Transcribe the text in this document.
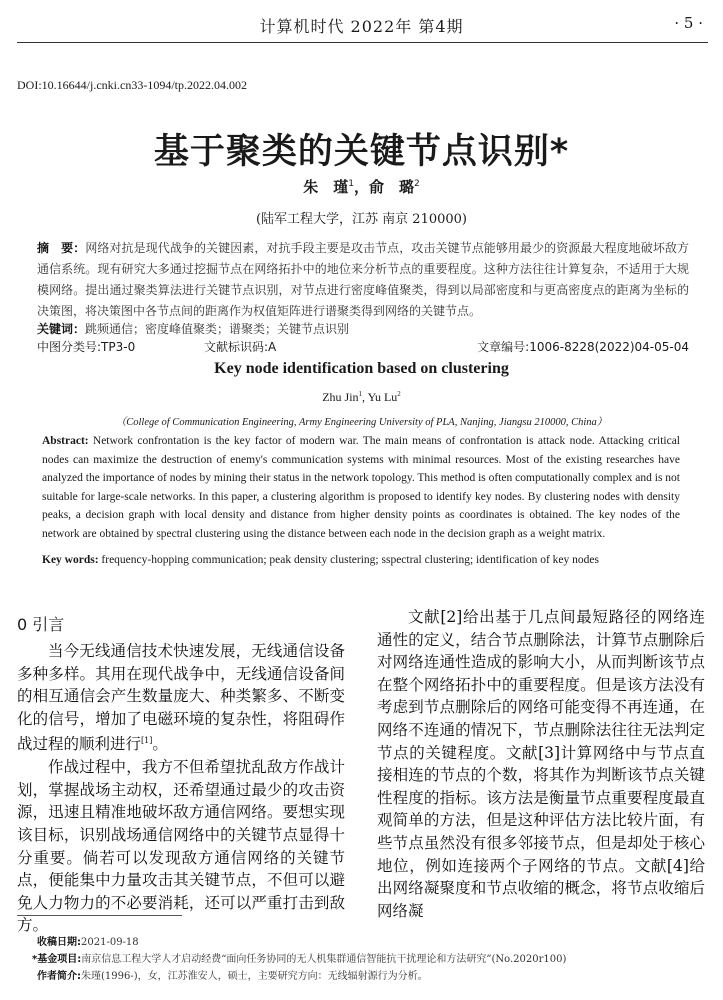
计算机时代 2022年 第4期	· 5 ·
DOI:10.16644/j.cnki.cn33-1094/tp.2022.04.002
基于聚类的关键节点识别*
朱　瑾$^1$，俞　璐$^2$
(陆军工程大学，江苏 南京 210000)
摘　要：网络对抗是现代战争的关键因素，对抗手段主要是攻击节点，攻击关键节点能够用最少的资源最大程度地破坏敌方通信系统。现有研究大多通过挖掘节点在网络拓扑中的地位来分析节点的重要程度。这种方法往往计算复杂，不适用于大规模网络。提出通过聚类算法进行关键节点识别，对节点进行密度峰值聚类，得到以局部密度和与更高密度点的距离为坐标的决策图，将决策图中各节点间的距离作为权值矩阵进行谱聚类得到网络的关键节点。
关键词：跳频通信；密度峰值聚类；谱聚类；关键节点识别
中图分类号:TP3-0	文献标识码:A	文章编号:1006-8228(2022)04-05-04
Key node identification based on clustering
Zhu Jin$^1$, Yu Lu$^2$
（College of Communication Engineering, Army Engineering University of PLA, Nanjing, Jiangsu 210000, China）
Abstract: Network confrontation is the key factor of modern war. The main means of confrontation is attack node. Attacking critical nodes can maximize the destruction of enemy's communication systems with minimal resources. Most of the existing researches have analyzed the importance of nodes by mining their status in the network topology. This method is often computationally complex and is not suitable for large-scale networks. In this paper, a clustering algorithm is proposed to identify key nodes. By clustering nodes with density peaks, a decision graph with local density and distance from higher density points as coordinates is obtained. The key nodes of the network are obtained by spectral clustering using the distance between each node in the decision graph as a weight matrix.
Key words: frequency-hopping communication; peak density clustering; sspectral clustering; identification of key nodes
0 引言

当今无线通信技术快速发展，无线通信设备多种多样。其用在现代战争中，无线通信设备间的相互通信会产生数量庞大、种类繁多、不断变化的信号，增加了电磁环境的复杂性，将阻碍作战过程的顺利进行[1]。

作战过程中，我方不但希望扰乱敌方作战计划，掌握战场主动权，还希望通过最少的攻击资源，迅速且精准地破坏敌方通信网络。要想实现该目标，识别战场通信网络中的关键节点显得十分重要。倘若可以发现敌方通信网络的关键节点，便能集中力量攻击其关键节点，不但可以避免人力物力的不必要消耗，还可以严重打击到敌方。

文献[2]给出基于几点间最短路径的网络连通性的定义，结合节点删除法，计算节点删除后对网络连通性造成的影响大小，从而判断该节点在整个网络拓扑中的重要程度。但是该方法没有考虑到节点删除后的网络可能变得不再连通，在网络不连通的情况下，节点删除法往往无法判定节点的关键程度。文献[3]计算网络中与节点直接相连的节点的个数，将其作为判断该节点关键性程度的指标。该方法是衡量节点重要程度最直观简单的方法，但是这种评估方法比较片面，有些节点虽然没有很多邻接节点，但是却处于核心地位，例如连接两个子网络的节点。文献[4]给出网络凝聚度和节点收缩的概念，将节点收缩后网络凝

收稿日期:2021-09-18
*基金项目:南京信息工程大学人才启动经费“面向任务协同的无人机集群通信智能抗干扰理论和方法研究”(No.2020r100)
作者简介:朱瑾(1996-)，女，江苏淮安人，硕士，主要研究方向：无线辐射源行为分析。
